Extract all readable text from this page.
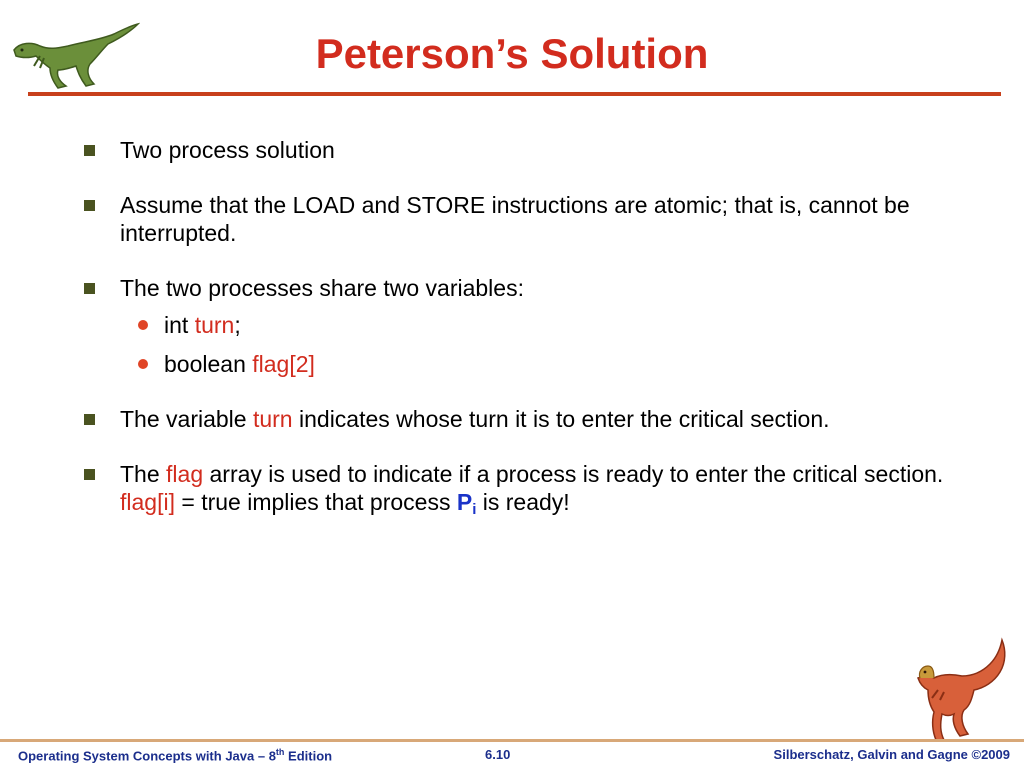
Peterson’s Solution
Two process solution
Assume that the LOAD and STORE instructions are atomic; that is, cannot be interrupted.
The two processes share two variables:
int turn;
boolean flag[2]
The variable turn indicates whose turn it is to enter the critical section.
The flag array is used to indicate if a process is ready to enter the critical section. flag[i] = true implies that process $P_i$ is ready!
Operating System Concepts with Java – 8th Edition	6.10	Silberschatz, Galvin and Gagne ©2009
